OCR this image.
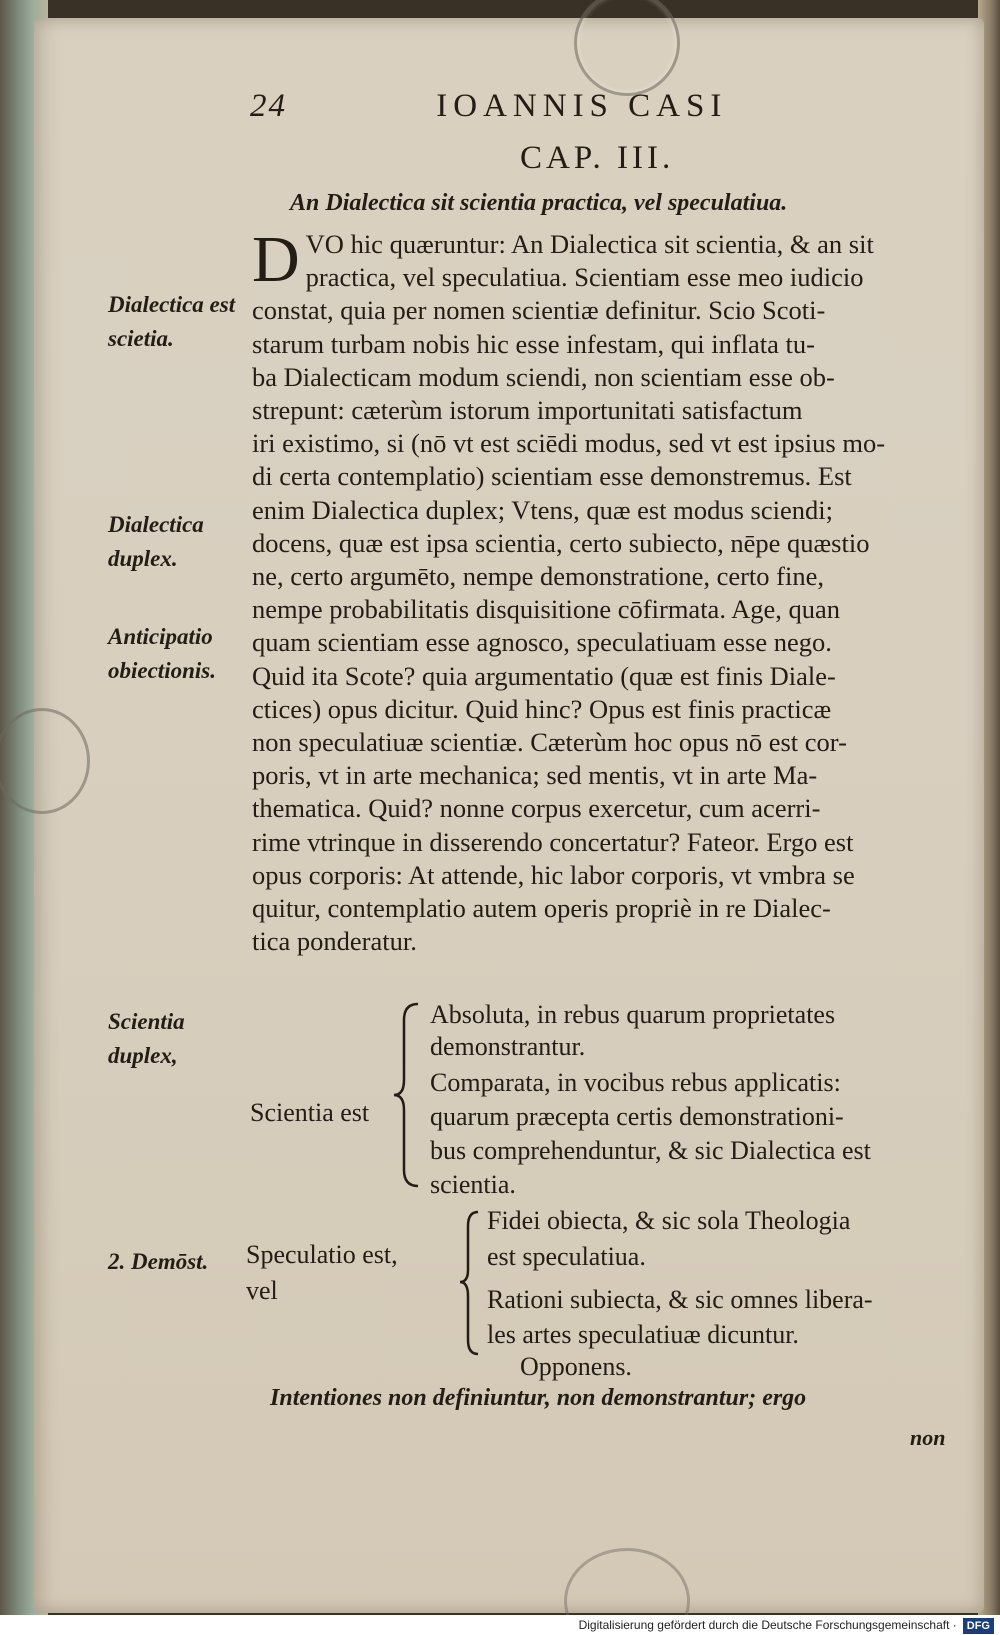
24	IOANNIS CASI
CAP. III.
An Dialectica sit scientia practica, vel speculatiua.
D VO hic quæruntur: An Dialectica sit scientia, & an sit
practica, vel speculatiua. Scientiam esse meo iudicio
constat, quia per nomen scientiæ definitur. Scio Scoti-
starum turbam nobis hic esse infestam, qui inflata tu-
ba Dialecticam modum sciendi, non scientiam esse ob-
strepunt: cæterùm istorum importunitati satisfactum
iri existimo, si (nō vt est sciēdi modus, sed vt est ipsius mo-
di certa contemplatio) scientiam esse demonstremus. Est
enim Dialectica duplex; Vtens, quæ est modus sciendi;
docens, quæ est ipsa scientia, certo subiecto, nēpe quæstio
ne, certo argumēto, nempe demonstratione, certo fine,
nempe probabilitatis disquisitione cōfirmata. Age, quan
quam scientiam esse agnosco, speculatiuam esse nego.
Quid ita Scote? quia argumentatio (quæ est finis Diale-
ctices) opus dicitur. Quid hinc? Opus est finis practicæ
non speculatiuæ scientiæ. Cæterùm hoc opus nō est cor-
poris, vt in arte mechanica; sed mentis, vt in arte Ma-
thematica. Quid? nonne corpus exercetur, cum acerri-
rime vtrinque in disserendo concertatur? Fateor. Ergo est
opus corporis: At attende, hic labor corporis, vt vmbra se
quitur, contemplatio autem operis propriè in re Dialec-
tica ponderatur.
Dialectica est scietia.
Dialectica duplex.
Anticipatio obiectionis.
Scientia duplex,
2. Demōst.
Scientia est
Absoluta, in rebus quarum proprietates
demonstrantur.
Comparata, in vocibus rebus applicatis:
quarum præcepta certis demonstrationi-
bus comprehenduntur, & sic Dialectica est
scientia.
Speculatio est,
vel
Fidei obiecta, & sic sola Theologia
est speculatiua.
Rationi subiecta, & sic omnes libera-
les artes speculatiuæ dicuntur.
Opponens.
Intentiones non definiuntur, non demonstrantur; ergo
non
Digitalisierung gefördert durch die Deutsche Forschungsgemeinschaft · DFG
